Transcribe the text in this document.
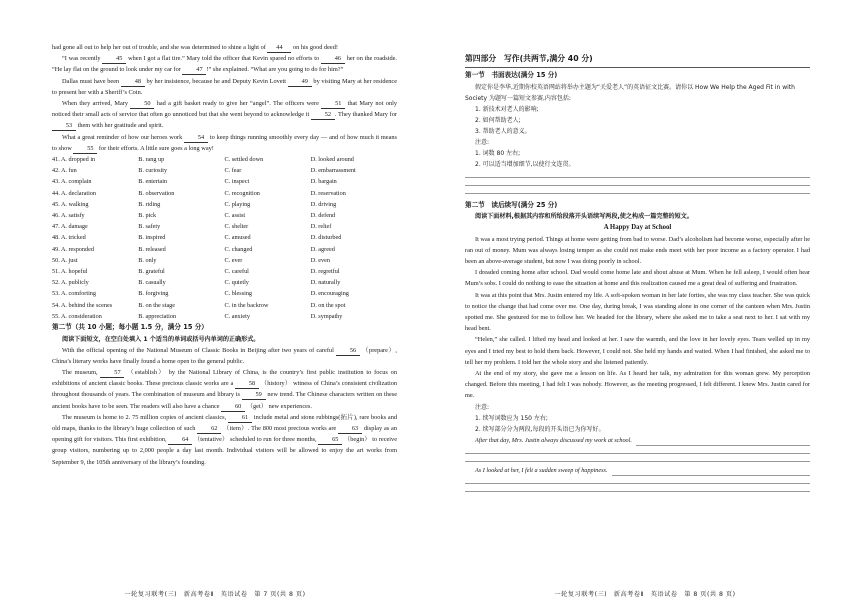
had gone all out to help her out of trouble, and she was determined to shine a light of 44 on his good deed!

“I was recently 45 when I got a flat tire.” Mary told the officer that Kevin spared no efforts to 46 her on the roadside. “He lay flat on the ground to look under my car for 47 !” she explained. “What are you going to do for him?”

Dallas must have been 48 by her insistence, because he and Deputy Kevin Lovett 49 by visiting Mary at her residence to present her with a Sheriff’s Coin.

When they arrived, Mary 50 had a gift basket ready to give her “angel”. The officers were 51 that Mary not only noticed their small acts of service that often go unnoticed but that she went beyond to acknowledge it 52 . They thanked Mary for 53 them with her gratitude and spirit.

What a great reminder of how our heroes work 54 to keep things running smoothly every day — and of how much it means to show 55 for their efforts. A little sure goes a long way!

41. A. dropped in	B. rang up	C. settled down	D. looked around
42. A. fun	B. curiosity	C. fear	D. embarrassment
43. A. complain	B. entertain	C. inspect	D. bargain
44. A. declaration	B. observation	C. recognition	D. reservation
45. A. walking	B. riding	C. playing	D. driving
46. A. satisfy	B. pick	C. assist	D. defend
47. A. damage	B. safety	C. shelter	D. relief
48. A. tricked	B. inspired	C. amused	D. disturbed
49. A. responded	B. released	C. changed	D. agreed
50. A. just	B. only	C. ever	D. even
51. A. hopeful	B. grateful	C. careful	D. regretful
52. A. publicly	B. casually	C. quietly	D. naturally
53. A. comforting	B. forgiving	C. blessing	D. encouraging
54. A. behind the scenes	B. on the stage	C. in the backrow	D. on the spot
55. A. consideration	B. appreciation	C. anxiety	D. sympathy

第二节（共 10 小题；每小题 1.5 分，满分 15 分）

阅读下面短文，在空白处填入 1 个适当的单词或括号内单词的正确形式。

With the official opening of the National Museum of Classic Books in Beijing after two years of careful 56 （prepare）, China’s literary works have finally found a home open to the general public.

The museum, 57 （establish） by the National Library of China, is the country’s first public institution to focus on exhibitions of ancient classic books. These precious classic works are a 58 （history） witness of China’s consistent civilization throughout thousands of years. The combination of museum and library is 59 new trend. The Chinese characters written on these ancient books have to be seen. The readers will also have a chance 60 （get） new experiences.

The museum is home to 2. 75 million copies of ancient classics, 61 include metal and stone rubbings(拓片), rare books and old maps, thanks to the library’s huge collection of such 62 （item）. The 800 most precious works are 63 display as an opening gift for visitors. This first exhibition, 64 （tentative） scheduled to run for three months, 65 （begin） to receive group visitors, numbering up to 2,000 people a day last month. Individual visitors will be allowed to enjoy the art works from September 9, the 105th anniversary of the library’s founding.

一轮复习联考(三)　新高考卷Ⅱ　英语试卷　第 7 页(共 8 页)

第四部分　写作(共两节,满分 40 分)

第一节　书面表达(满分 15 分)

假定你是李华,近期你校英语网站将举办主题为“关爱老人”的英语征文比赛。请你以 How We Help the Aged Fit in with Society 为题写一篇短文参赛,内容包括:

1. 新技术对老人的影响;

2. 如何帮助老人;

3. 帮助老人的意义。

注意:

1. 词数 80 左右;

2. 可以适当增加细节,以使行文连贯。

第二节　读后续写(满分 25 分)

阅读下面材料,根据其内容和所给段落开头语续写两段,使之构成一篇完整的短文。

A Happy Day at School

It was a most trying period. Things at home were getting from bad to worse. Dad’s alcoholism had become worse, especially after he ran out of money. Mum was always losing temper as she could not make ends meet with her poor income as a factory operator. I had been an above-average student, but now I was doing poorly in school.

I dreaded coming home after school. Dad would come home late and shout abuse at Mum. When he fell asleep, I would often hear Mum’s sobs. I could do nothing to ease the situation at home and this realization caused me a great deal of suffering and frustration.

It was at this point that Mrs. Justin entered my life. A soft-spoken woman in her late forties, she was my class teacher. She was quick to notice the change that had come over me. One day, during break, I was standing alone in one corner of the canteen when Mrs. Justin spotted me. She gestured for me to follow her. We headed for the library, where she asked me to take a seat next to her. I sat with my head bent.

“Helen,” she called. I lifted my head and looked at her. I saw the warmth, and the love in her lovely eyes. Tears welled up in my eyes and I tried my best to hold them back. However, I could not. She held my hands and waited. When I had finished, she asked me to tell her my problem. I told her the whole story and she listened patiently.

At the end of my story, she gave me a lesson on life. As I heard her talk, my admiration for this woman grew. My perception changed. Before this meeting, I had felt I was nobody. However, as the meeting progressed, I felt different. I knew Mrs. Justin cared for me.

注意:

1. 续写词数应为 150 左右;

2. 续写部分分为两段,每段的开头语已为你写好。

After that day, Mrs. Justin always discussed my work at school.

As I looked at her, I felt a sudden sweep of happiness.

一轮复习联考(三)　新高考卷Ⅱ　英语试卷　第 8 页(共 8 页)
